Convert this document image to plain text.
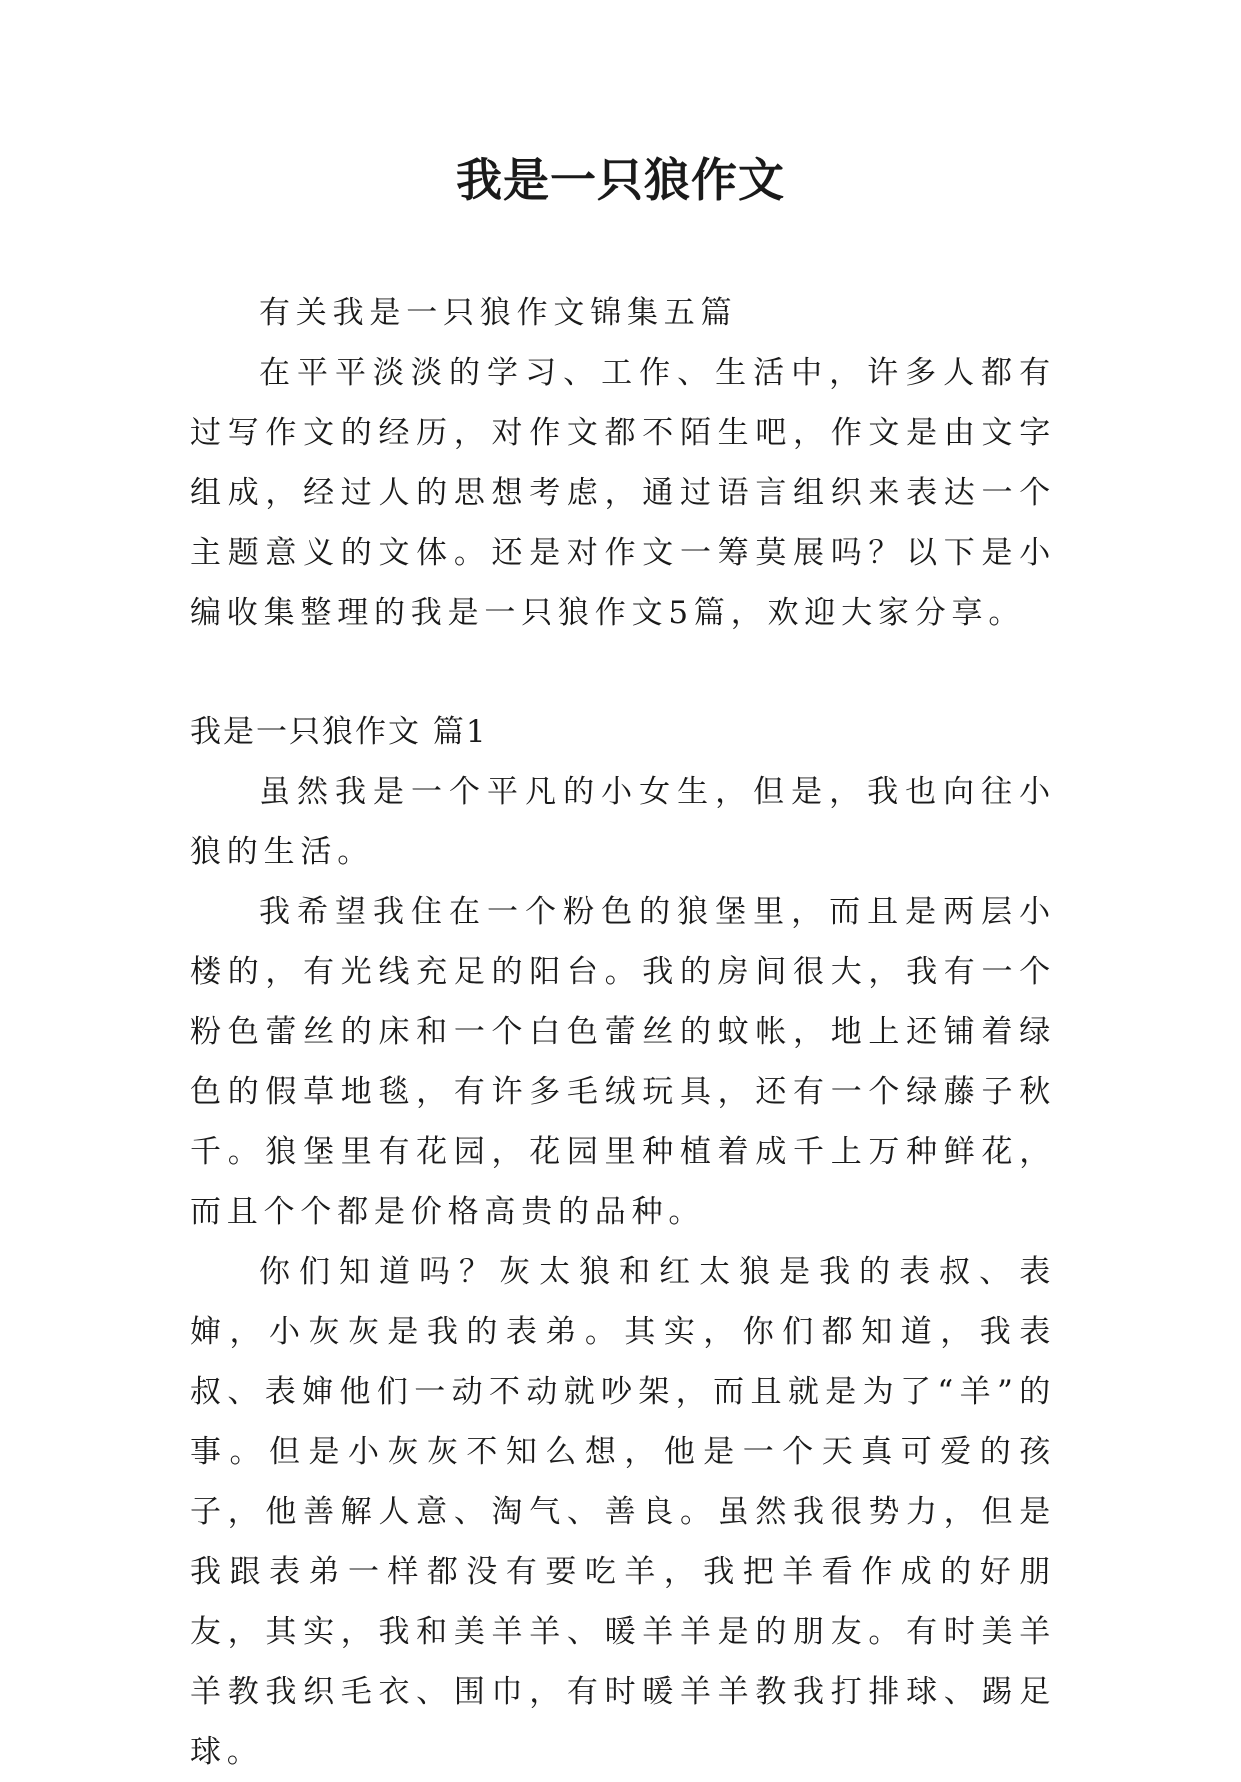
我是一只狼作文

有关我是一只狼作文锦集五篇

在平平淡淡的学习、工作、生活中，许多人都有过写作文的经历，对作文都不陌生吧，作文是由文字组成，经过人的思想考虑，通过语言组织来表达一个主题意义的文体。还是对作文一筹莫展吗？以下是小编收集整理的我是一只狼作文5篇，欢迎大家分享。

我是一只狼作文 篇1

虽然我是一个平凡的小女生，但是，我也向往小狼的生活。

我希望我住在一个粉色的狼堡里，而且是两层小楼的，有光线充足的阳台。我的房间很大，我有一个粉色蕾丝的床和一个白色蕾丝的蚊帐，地上还铺着绿色的假草地毯，有许多毛绒玩具，还有一个绿藤子秋千。狼堡里有花园，花园里种植着成千上万种鲜花，而且个个都是价格高贵的品种。

你们知道吗？灰太狼和红太狼是我的表叔、表婶，小灰灰是我的表弟。其实，你们都知道，我表叔、表婶他们一动不动就吵架，而且就是为了“羊”的事。但是小灰灰不知么想，他是一个天真可爱的孩子，他善解人意、淘气、善良。虽然我很势力，但是我跟表弟一样都没有要吃羊，我把羊看作成的好朋友，其实，我和美羊羊、暖羊羊是的朋友。有时美羊羊教我织毛衣、围巾，有时暖羊羊教我打排球、踢足球。
